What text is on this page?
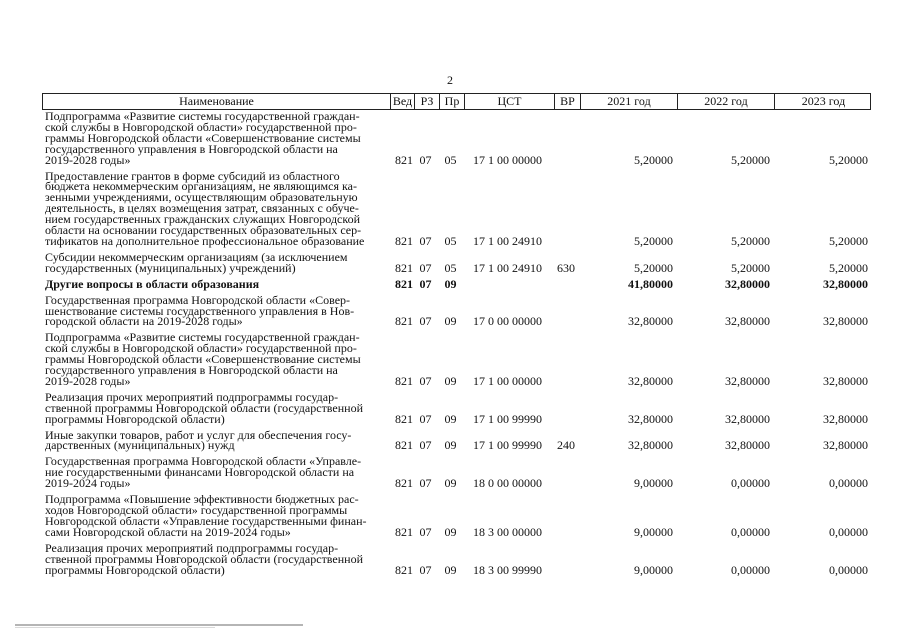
2
Наименование	Вед РЗ Пр	ЦСТ	ВР	2021 год	2022 год	2023 год
Подпрограмма «Развитие системы государственной граждан-
ской службы в Новгородской области» государственной про-
граммы Новгородской области «Совершенствование системы
государственного управления в Новгородской области на
2019-2028 годы»	821 07	05	17 1 00 00000	5,20000	5,20000	5,20000
Предоставление грантов в форме субсидий из областного
бюджета некоммерческим организациям, не являющимся ка-
зенными учреждениями, осуществляющим образовательную
деятельность, в целях возмещения затрат, связанных с обуче-
нием государственных гражданских служащих Новгородской
области на основании государственных образовательных сер-
тификатов на дополнительное профессиональное образование	821 07	05	17 1 00 24910	5,20000	5,20000	5,20000
Субсидии некоммерческим организациям (за исключением
государственных (муниципальных) учреждений)	821 07	05	17 1 00 24910	630	5,20000	5,20000	5,20000
Другие вопросы в области образования	821 07	09	41,80000	32,80000	32,80000
Государственная программа Новгородской области «Совер-
шенствование системы государственного управления в Нов-
городской области на 2019-2028 годы»	821 07	09	17 0 00 00000	32,80000	32,80000	32,80000
Подпрограмма «Развитие системы государственной граждан-
ской службы в Новгородской области» государственной про-
граммы Новгородской области «Совершенствование системы
государственного управления в Новгородской области на
2019-2028 годы»	821 07	09	17 1 00 00000	32,80000	32,80000	32,80000
Реализация прочих мероприятий подпрограммы государ-
ственной программы Новгородской области (государственной
программы Новгородской области)	821 07	09	17 1 00 99990	32,80000	32,80000	32,80000
Иные закупки товаров, работ и услуг для обеспечения госу-
дарственных (муниципальных) нужд	821 07	09	17 1 00 99990	240	32,80000	32,80000	32,80000
Государственная программа Новгородской области «Управле-
ние государственными финансами Новгородской области на
2019-2024 годы»	821 07	09	18 0 00 00000	9,00000	0,00000	0,00000
Подпрограмма «Повышение эффективности бюджетных рас-
ходов Новгородской области» государственной программы
Новгородской области «Управление государственными финан-
сами Новгородской области на 2019-2024 годы»	821 07	09	18 3 00 00000	9,00000	0,00000	0,00000
Реализация прочих мероприятий подпрограммы государ-
ственной программы Новгородской области (государственной
программы Новгородской области)	821 07	09	18 3 00 99990	9,00000	0,00000	0,00000
